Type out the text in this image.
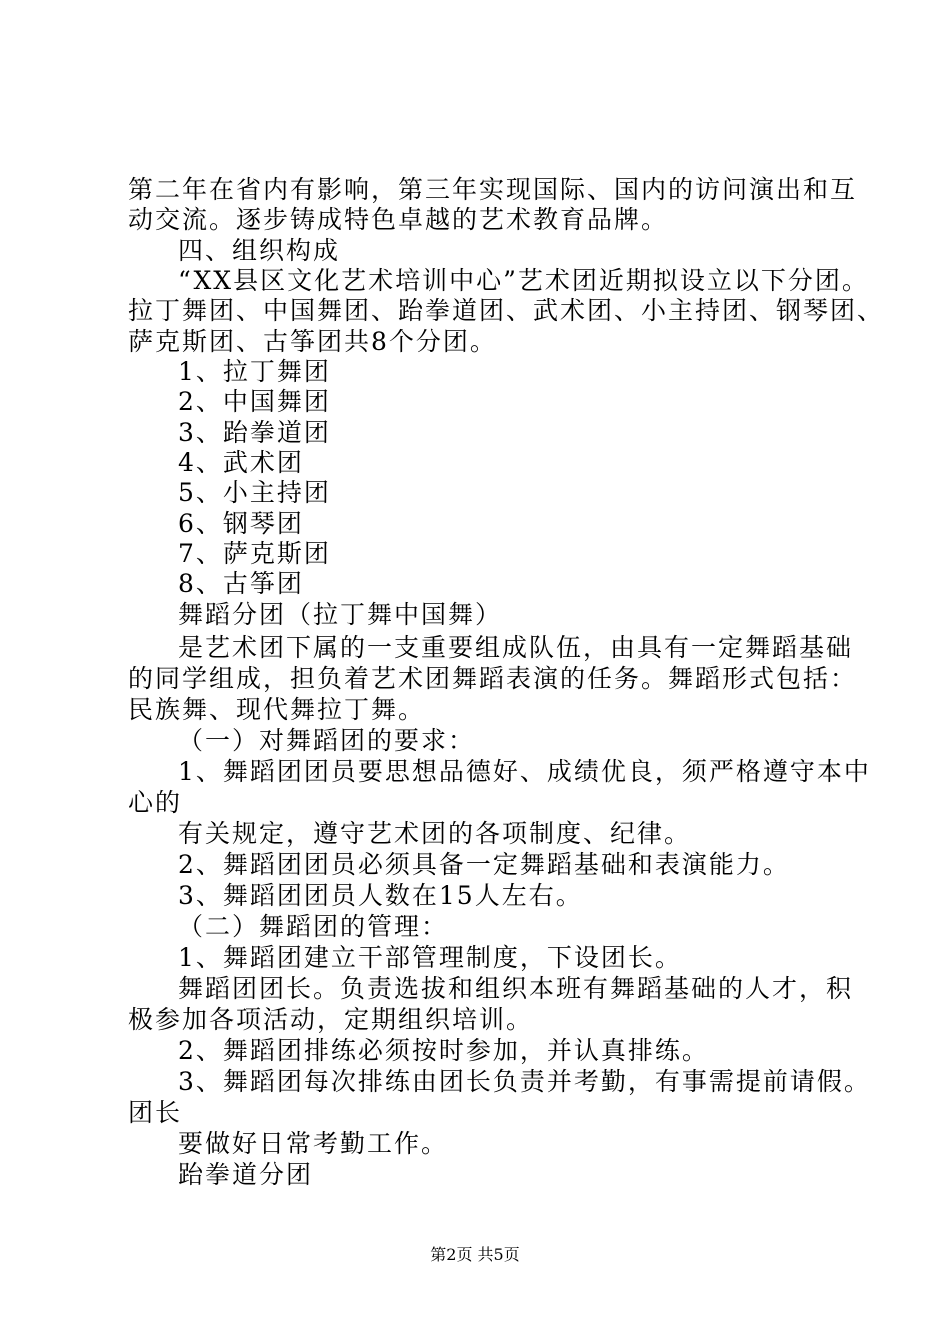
第二年在省内有影响，第三年实现国际、国内的访问演出和互
动交流。逐步铸成特色卓越的艺术教育品牌。
四、组织构成
“XX县区文化艺术培训中心”艺术团近期拟设立以下分团。
拉丁舞团、中国舞团、跆拳道团、武术团、小主持团、钢琴团、
萨克斯团、古筝团共8个分团。
1、拉丁舞团
2、中国舞团
3、跆拳道团
4、武术团
5、小主持团
6、钢琴团
7、萨克斯团
8、古筝团
舞蹈分团（拉丁舞中国舞）
是艺术团下属的一支重要组成队伍，由具有一定舞蹈基础
的同学组成，担负着艺术团舞蹈表演的任务。舞蹈形式包括：
民族舞、现代舞拉丁舞。
（一）对舞蹈团的要求：
1、舞蹈团团员要思想品德好、成绩优良，须严格遵守本中
心的
有关规定，遵守艺术团的各项制度、纪律。
2、舞蹈团团员必须具备一定舞蹈基础和表演能力。
3、舞蹈团团员人数在15人左右。
（二）舞蹈团的管理：
1、舞蹈团建立干部管理制度，下设团长。
舞蹈团团长。负责选拔和组织本班有舞蹈基础的人才，积
极参加各项活动，定期组织培训。
2、舞蹈团排练必须按时参加，并认真排练。
3、舞蹈团每次排练由团长负责并考勤，有事需提前请假。
团长
要做好日常考勤工作。
跆拳道分团
第2页 共5页
